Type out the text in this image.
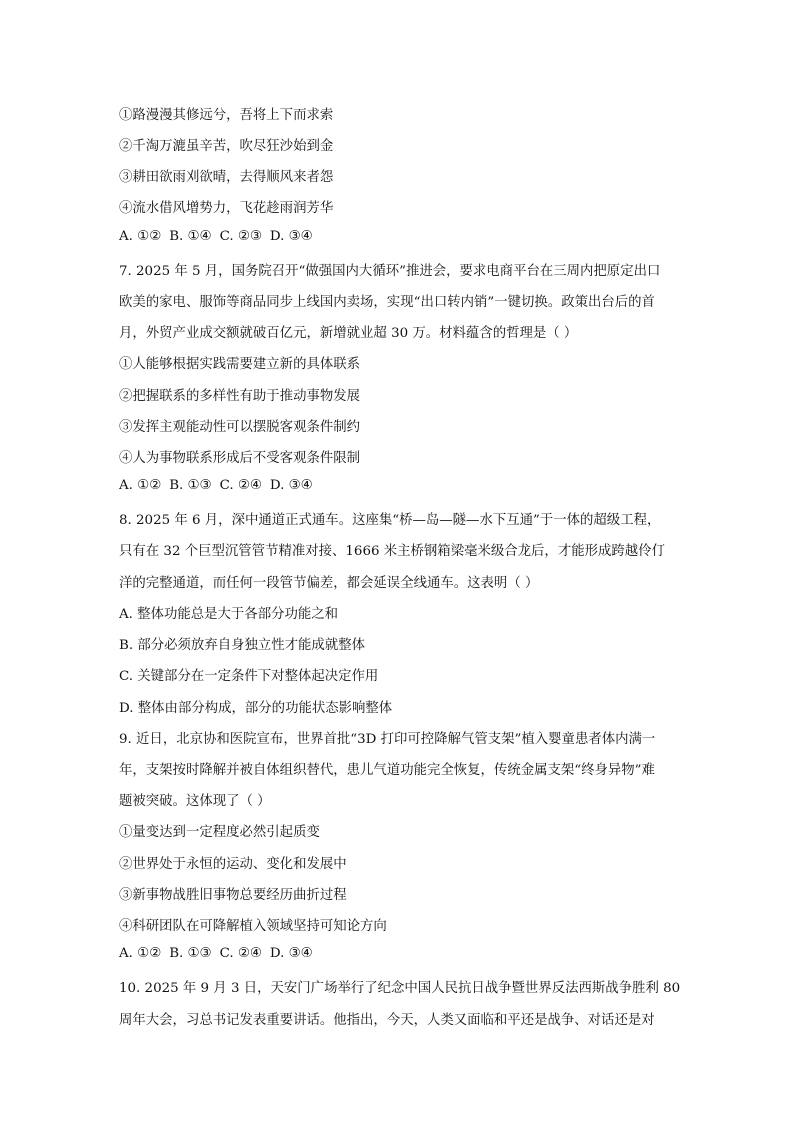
①路漫漫其修远兮，吾将上下而求索
②千淘万漉虽辛苦，吹尽狂沙始到金
③耕田欲雨刈欲晴，去得顺风来者怨
④流水借风增势力，飞花趁雨润芳华
A. ①② B. ①④ C. ②③ D. ③④
7. 2025 年 5 月，国务院召开“做强国内大循环”推进会，要求电商平台在三周内把原定出口
欧美的家电、服饰等商品同步上线国内卖场，实现“出口转内销”一键切换。政策出台后的首
月，外贸产业成交额就破百亿元，新增就业超 30 万。材料蕴含的哲理是（ ）
①人能够根据实践需要建立新的具体联系
②把握联系的多样性有助于推动事物发展
③发挥主观能动性可以摆脱客观条件制约
④人为事物联系形成后不受客观条件限制
A. ①② B. ①③ C. ②④ D. ③④
8. 2025 年 6 月，深中通道正式通车。这座集“桥—岛—隧—水下互通”于一体的超级工程，
只有在 32 个巨型沉管管节精准对接、1666 米主桥钢箱梁毫米级合龙后，才能形成跨越伶仃
洋的完整通道，而任何一段管节偏差，都会延误全线通车。这表明（ ）
A. 整体功能总是大于各部分功能之和
B. 部分必须放弃自身独立性才能成就整体
C. 关键部分在一定条件下对整体起决定作用
D. 整体由部分构成，部分的功能状态影响整体
9. 近日，北京协和医院宣布，世界首批“3D 打印可控降解气管支架”植入婴童患者体内满一
年，支架按时降解并被自体组织替代，患儿气道功能完全恢复，传统金属支架“终身异物”难
题被突破。这体现了（ ）
①量变达到一定程度必然引起质变
②世界处于永恒的运动、变化和发展中
③新事物战胜旧事物总要经历曲折过程
④科研团队在可降解植入领域坚持可知论方向
A. ①② B. ①③ C. ②④ D. ③④
10. 2025 年 9 月 3 日，天安门广场举行了纪念中国人民抗日战争暨世界反法西斯战争胜利 80
周年大会，习总书记发表重要讲话。他指出，今天，人类又面临和平还是战争、对话还是对
